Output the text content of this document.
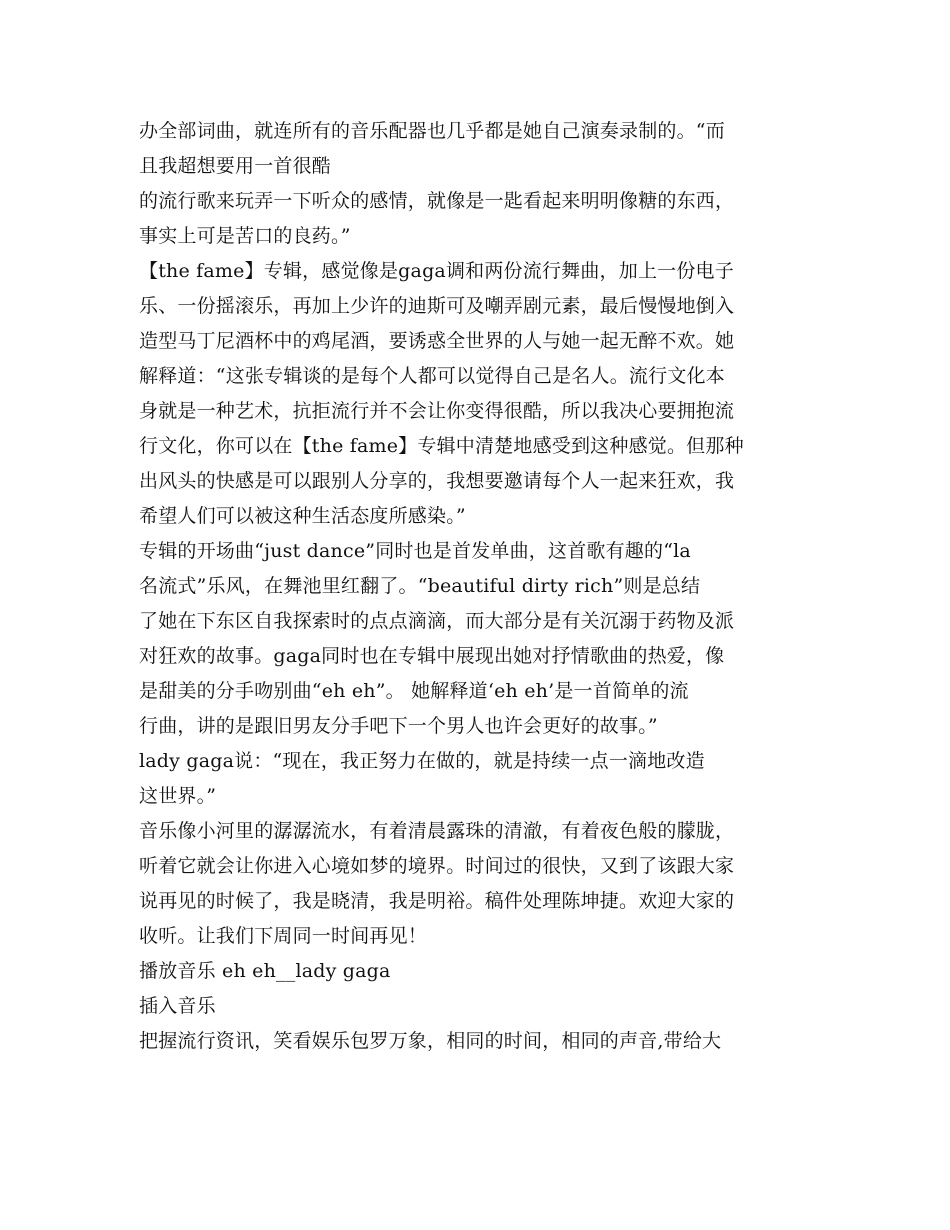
办全部词曲，就连所有的音乐配器也几乎都是她自己演奏录制的。“而
且我超想要用一首很酷
的流行歌来玩弄一下听众的感情，就像是一匙看起来明明像糖的东西，
事实上可是苦口的良药。”
【the fame】专辑，感觉像是gaga调和两份流行舞曲，加上一份电子
乐、一份摇滚乐，再加上少许的迪斯可及嘲弄剧元素，最后慢慢地倒入
造型马丁尼酒杯中的鸡尾酒，要诱惑全世界的人与她一起无醉不欢。她
解释道：“这张专辑谈的是每个人都可以觉得自己是名人。流行文化本
身就是一种艺术，抗拒流行并不会让你变得很酷，所以我决心要拥抱流
行文化，你可以在【the fame】专辑中清楚地感受到这种感觉。但那种
出风头的快感是可以跟别人分享的，我想要邀请每个人一起来狂欢，我
希望人们可以被这种生活态度所感染。”
专辑的开场曲“just dance”同时也是首发单曲，这首歌有趣的“la
名流式”乐风，在舞池里红翻了。“beautiful dirty rich”则是总结
了她在下东区自我探索时的点点滴滴，而大部分是有关沉溺于药物及派
对狂欢的故事。gaga同时也在专辑中展现出她对抒情歌曲的热爱，像
是甜美的分手吻别曲“eh eh”。 她解释道‘eh eh’是一首简单的流
行曲，讲的是跟旧男友分手吧下一个男人也许会更好的故事。”
lady gaga说：“现在，我正努力在做的，就是持续一点一滴地改造
这世界。”
音乐像小河里的潺潺流水，有着清晨露珠的清澈，有着夜色般的朦胧，
听着它就会让你进入心境如梦的境界。时间过的很快，又到了该跟大家
说再见的时候了，我是晓清，我是明裕。稿件处理陈坤捷。欢迎大家的
收听。让我们下周同一时间再见！
播放音乐 eh eh__lady gaga
插入音乐
把握流行资讯，笑看娱乐包罗万象，相同的时间，相同的声音,带给大
